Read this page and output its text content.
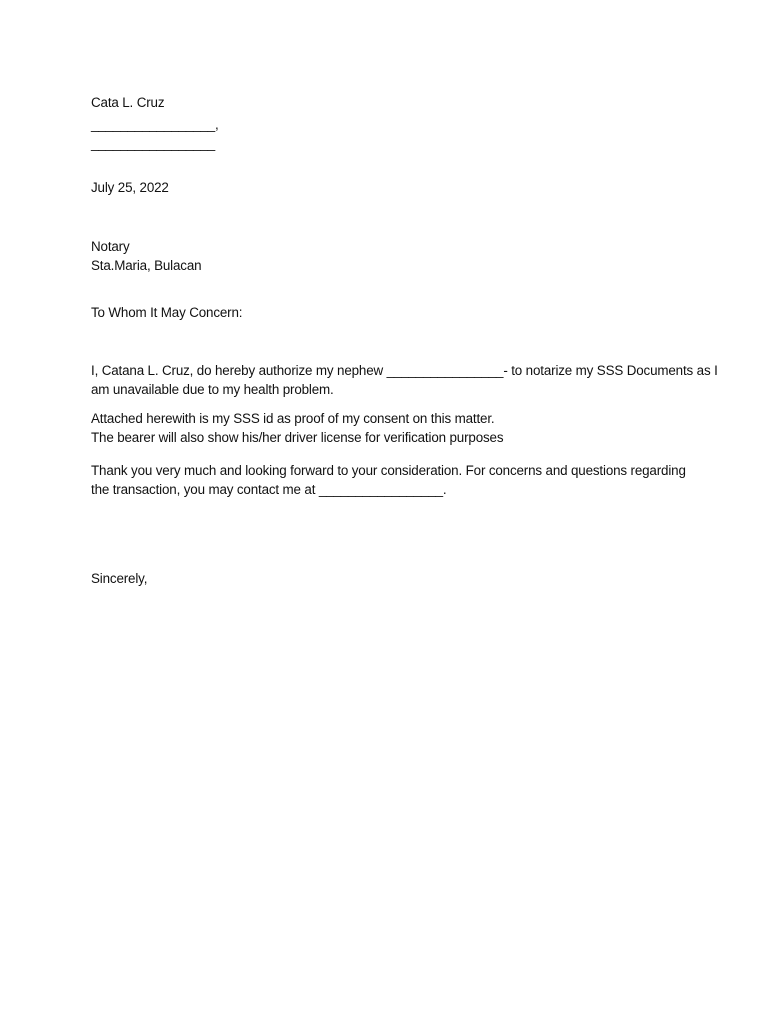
Cata L. Cruz
_________________,
_________________
July 25, 2022
Notary
Sta.Maria, Bulacan
To Whom It May Concern:
I, Catana L. Cruz, do hereby authorize my nephew ________________- to notarize my SSS Documents as I
am unavailable due to my health problem.
Attached herewith is my SSS id as proof of my consent on this matter.
The bearer will also show his/her driver license for verification purposes
Thank you very much and looking forward to your consideration. For concerns and questions regarding
the transaction, you may contact me at _________________.
Sincerely,
